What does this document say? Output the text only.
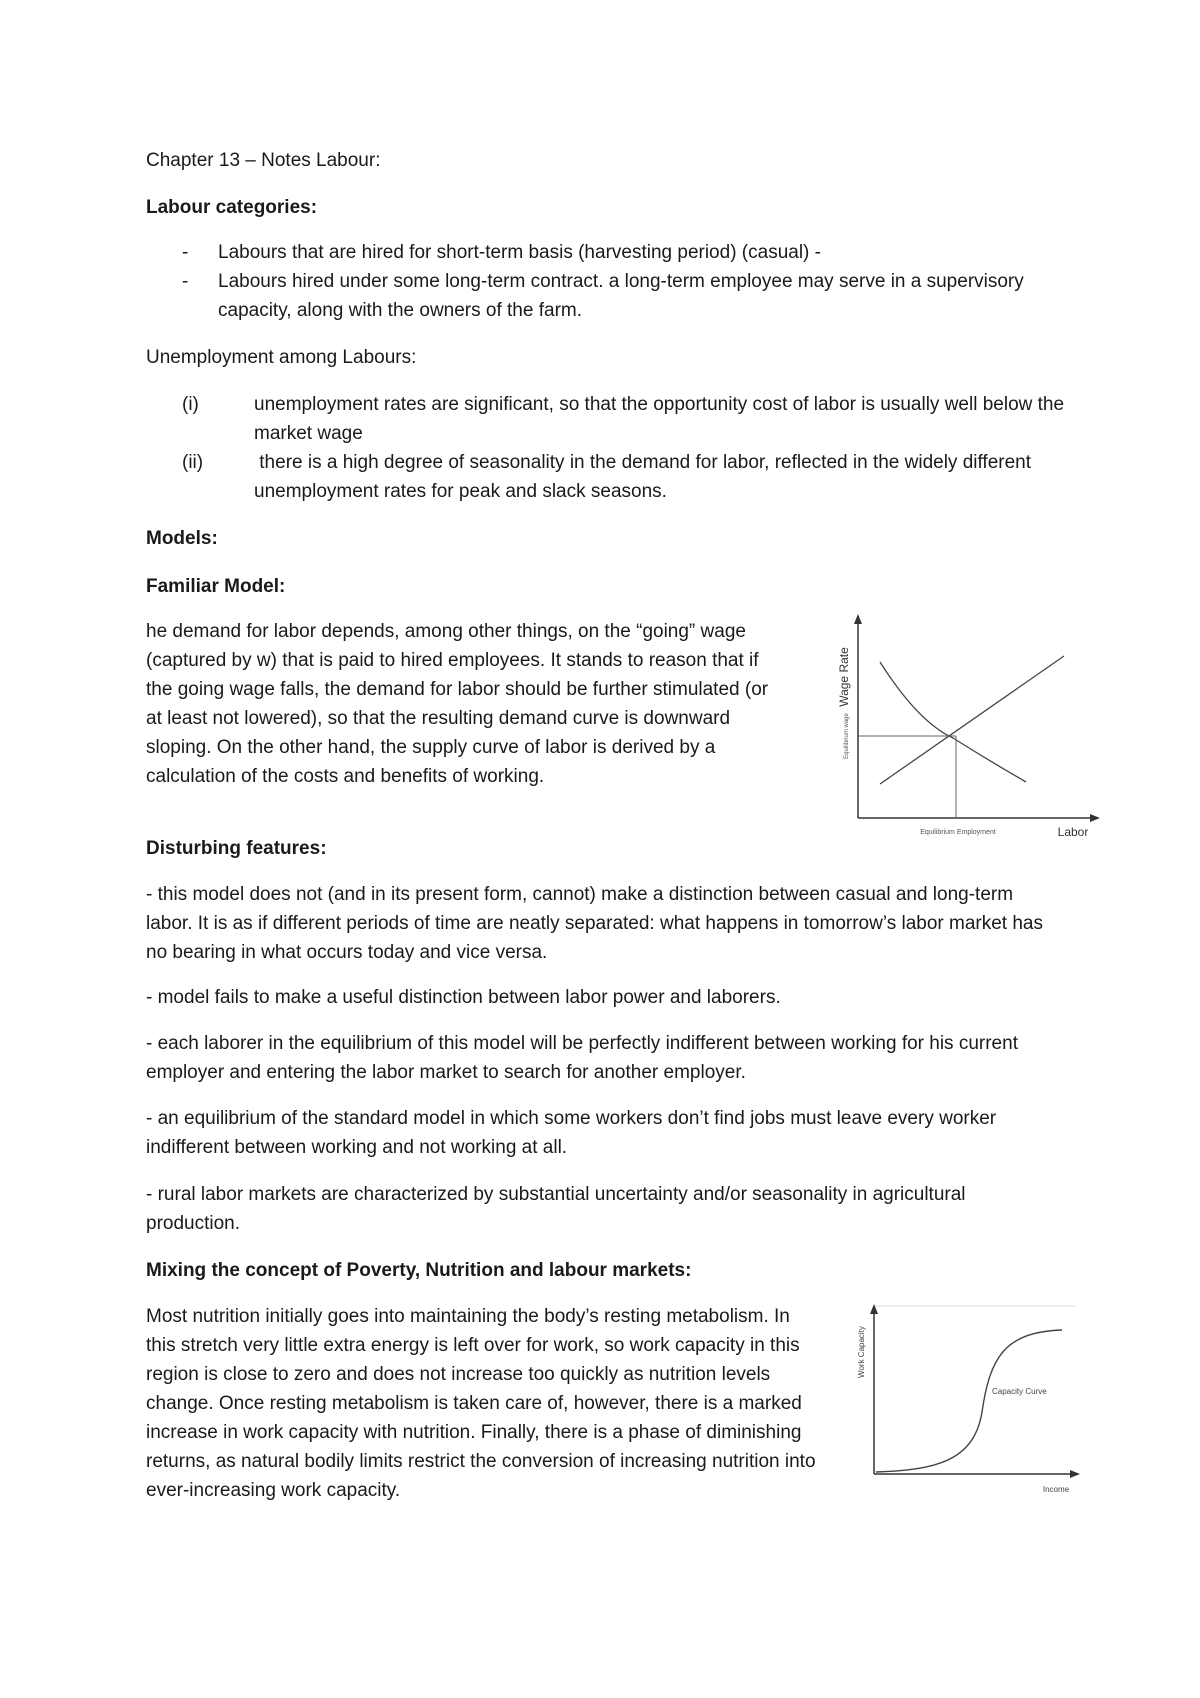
Chapter 13 – Notes Labour:

Labour categories:

- Labours that are hired for short-term basis (harvesting period) (casual) -

- Labours hired under some long-term contract. a long-term employee may serve in a supervisory capacity, along with the owners of the farm.

Unemployment among Labours:

(i)	unemployment rates are significant, so that the opportunity cost of labor is usually well below the market wage

(ii)	there is a high degree of seasonality in the demand for labor, reflected in the widely different unemployment rates for peak and slack seasons.

Models:

Familiar Model:

he demand for labor depends, among other things, on the “going” wage (captured by w) that is paid to hired employees. It stands to reason that if the going wage falls, the demand for labor should be further stimulated (or at least not lowered), so that the resulting demand curve is downward sloping. On the other hand, the supply curve of labor is derived by a calculation of the costs and benefits of working.

Wage Rate
Equilibrium wage
Equilibrium Employment	Labor

Disturbing features:

- this model does not (and in its present form, cannot) make a distinction between casual and long-term labor. It is as if different periods of time are neatly separated: what happens in tomorrow’s labor market has no bearing in what occurs today and vice versa.

- model fails to make a useful distinction between labor power and laborers.

- each laborer in the equilibrium of this model will be perfectly indifferent between working for his current employer and entering the labor market to search for another employer.

- an equilibrium of the standard model in which some workers don’t find jobs must leave every worker indifferent between working and not working at all.

- rural labor markets are characterized by substantial uncertainty and/or seasonality in agricultural production.

Mixing the concept of Poverty, Nutrition and labour markets:

Most nutrition initially goes into maintaining the body’s resting metabolism. In this stretch very little extra energy is left over for work, so work capacity in this region is close to zero and does not increase too quickly as nutrition levels change. Once resting metabolism is taken care of, however, there is a marked increase in work capacity with nutrition. Finally, there is a phase of diminishing returns, as natural bodily limits restrict the conversion of increasing nutrition into ever-increasing work capacity.

Work Capacity
Capacity Curve
Income
